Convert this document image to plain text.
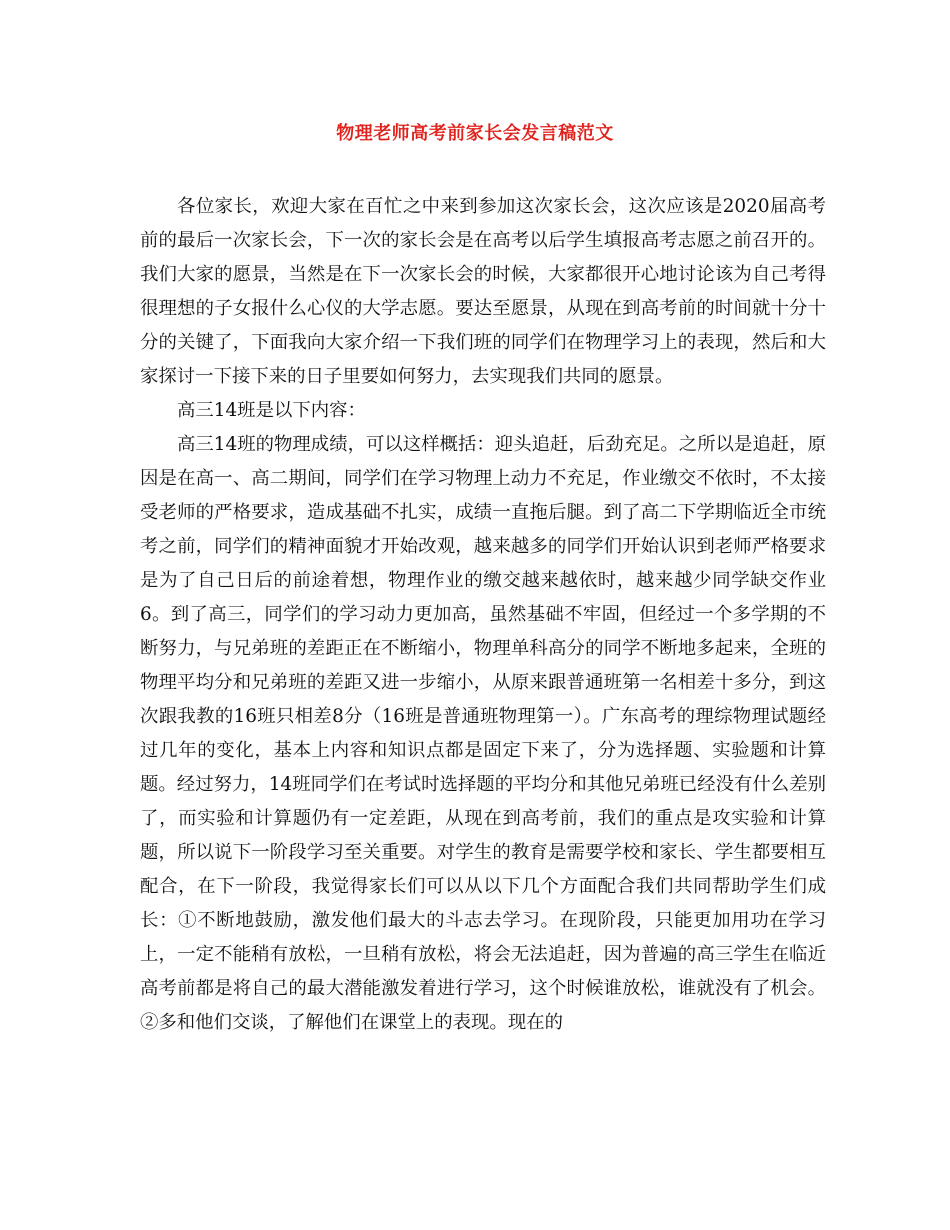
物理老师高考前家长会发言稿范文

各位家长，欢迎大家在百忙之中来到参加这次家长会，这次应该是2020届高考前的最后一次家长会，下一次的家长会是在高考以后学生填报高考志愿之前召开的。我们大家的愿景，当然是在下一次家长会的时候，大家都很开心地讨论该为自己考得很理想的子女报什么心仪的大学志愿。要达至愿景，从现在到高考前的时间就十分十分的关键了，下面我向大家介绍一下我们班的同学们在物理学习上的表现，然后和大家探讨一下接下来的日子里要如何努力，去实现我们共同的愿景。

高三14班是以下内容：

高三14班的物理成绩，可以这样概括：迎头追赶，后劲充足。之所以是追赶，原因是在高一、高二期间，同学们在学习物理上动力不充足，作业缴交不依时，不太接受老师的严格要求，造成基础不扎实，成绩一直拖后腿。到了高二下学期临近全市统考之前，同学们的精神面貌才开始改观，越来越多的同学们开始认识到老师严格要求是为了自己日后的前途着想，物理作业的缴交越来越依时，越来越少同学缺交作业6。到了高三，同学们的学习动力更加高，虽然基础不牢固，但经过一个多学期的不断努力，与兄弟班的差距正在不断缩小，物理单科高分的同学不断地多起来，全班的物理平均分和兄弟班的差距又进一步缩小，从原来跟普通班第一名相差十多分，到这次跟我教的16班只相差8分（16班是普通班物理第一）。广东高考的理综物理试题经过几年的变化，基本上内容和知识点都是固定下来了，分为选择题、实验题和计算题。经过努力，14班同学们在考试时选择题的平均分和其他兄弟班已经没有什么差别了，而实验和计算题仍有一定差距，从现在到高考前，我们的重点是攻实验和计算题，所以说下一阶段学习至关重要。对学生的教育是需要学校和家长、学生都要相互配合，在下一阶段，我觉得家长们可以从以下几个方面配合我们共同帮助学生们成长：①不断地鼓励，激发他们最大的斗志去学习。在现阶段，只能更加用功在学习上，一定不能稍有放松，一旦稍有放松，将会无法追赶，因为普遍的高三学生在临近高考前都是将自己的最大潜能激发着进行学习，这个时候谁放松，谁就没有了机会。②多和他们交谈，了解他们在课堂上的表现。现在的
